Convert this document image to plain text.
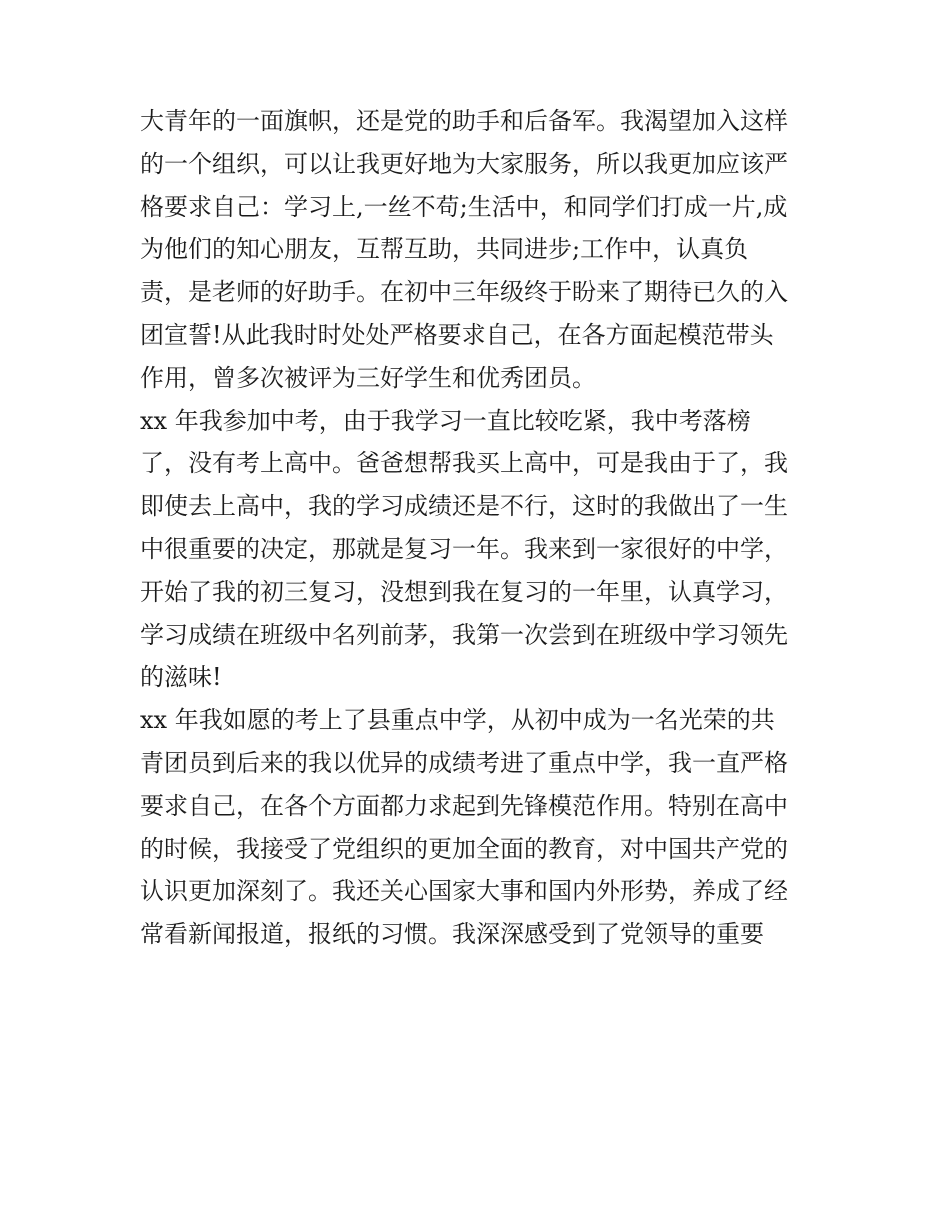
大青年的一面旗帜，还是党的助手和后备军。我渴望加入这样
的一个组织，可以让我更好地为大家服务，所以我更加应该严
格要求自己：学习上,一丝不苟;生活中，和同学们打成一片,成
为他们的知心朋友，互帮互助，共同进步;工作中，认真负
责，是老师的好助手。在初中三年级终于盼来了期待已久的入
团宣誓!从此我时时处处严格要求自己，在各方面起模范带头
作用，曾多次被评为三好学生和优秀团员。
xx 年我参加中考，由于我学习一直比较吃紧，我中考落榜
了，没有考上高中。爸爸想帮我买上高中，可是我由于了，我
即使去上高中，我的学习成绩还是不行，这时的我做出了一生
中很重要的决定，那就是复习一年。我来到一家很好的中学，
开始了我的初三复习，没想到我在复习的一年里，认真学习，
学习成绩在班级中名列前茅，我第一次尝到在班级中学习领先
的滋味!
xx 年我如愿的考上了县重点中学，从初中成为一名光荣的共
青团员到后来的我以优异的成绩考进了重点中学，我一直严格
要求自己，在各个方面都力求起到先锋模范作用。特别在高中
的时候，我接受了党组织的更加全面的教育，对中国共产党的
认识更加深刻了。我还关心国家大事和国内外形势，养成了经
常看新闻报道，报纸的习惯。我深深感受到了党领导的重要
